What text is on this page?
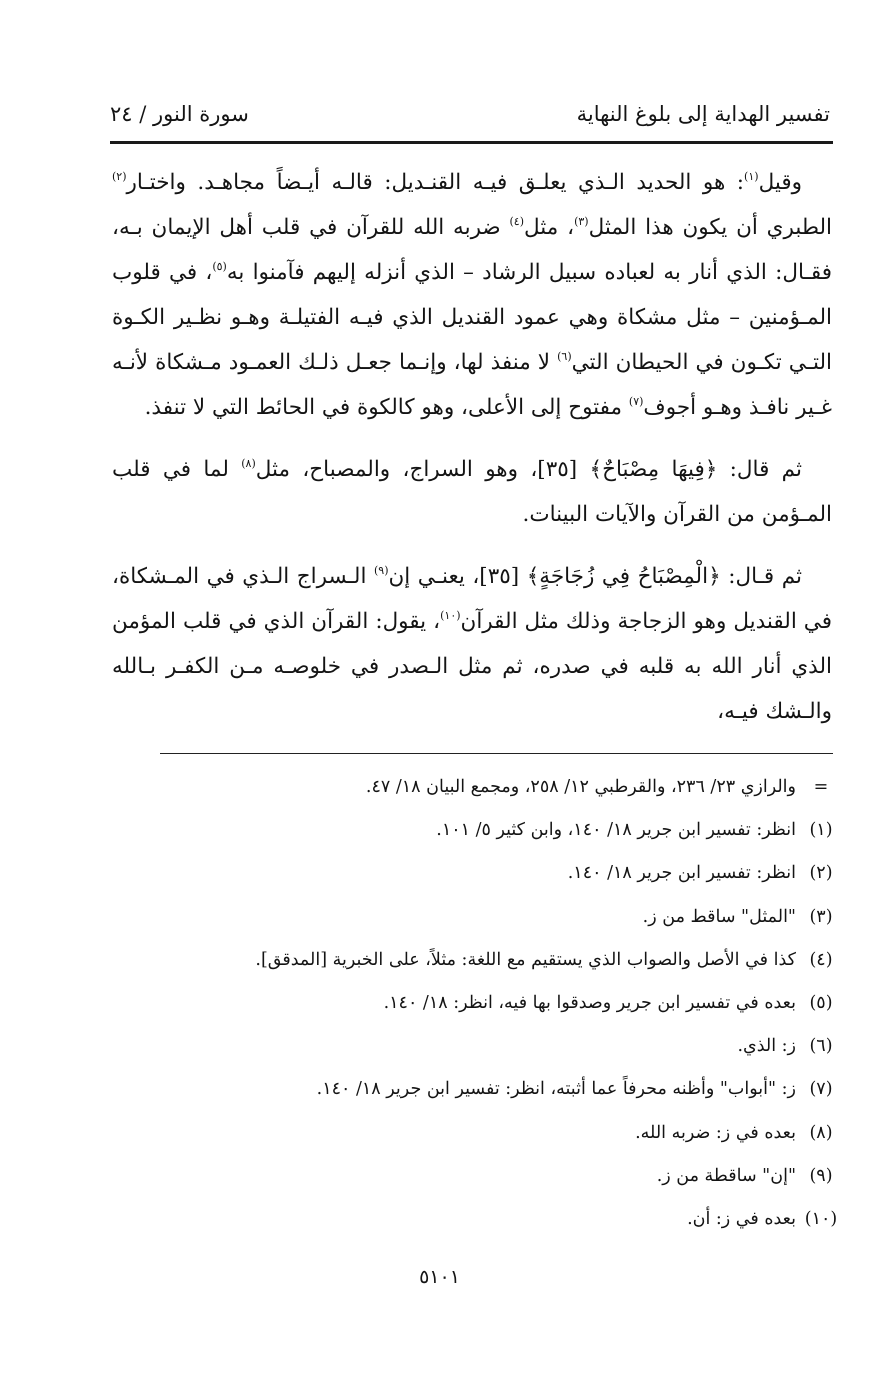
تفسير الهداية إلى بلوغ النهاية
سورة النور / ٢٤

وقيل$^{(١)}$: هو الحديد الـذي يعلـق فيـه القنـديل: قالـه أيـضاً مجاهـد. واختـار$^{(٢)}$ الطبري أن يكون هذا المثل$^{(٣)}$، مثل$^{(٤)}$ ضربه الله للقرآن في قلب أهل الإيمان بـه، فقـال: الذي أنار به لعباده سبيل الرشاد – الذي أنزله إليهم فآمنوا به$^{(٥)}$، في قلوب المـؤمنين – مثل مشكاة وهي عمود القنديل الذي فيـه الفتيلـة وهـو نظـير الكـوة التـي تكـون في الحيطان التي$^{(٦)}$ لا منفذ لها، وإنـما جعـل ذلـك العمـود مـشكاة لأنـه غـير نافـذ وهـو أجوف$^{(٧)}$ مفتوح إلى الأعلى، وهو كالكوة في الحائط التي لا تنفذ.

ثم قال: ﴿فِيهَا مِصْبَاحٌ﴾ [٣٥]، وهو السراج، والمصباح، مثل$^{(٨)}$ لما في قلب المـؤمن من القرآن والآيات البينات.

ثم قـال: ﴿الْمِصْبَاحُ فِي زُجَاجَةٍ﴾ [٣٥]، يعنـي إن$^{(٩)}$ الـسراج الـذي في المـشكاة، في القنديل وهو الزجاجة وذلك مثل القرآن$^{(١٠)}$، يقول: القرآن الذي في قلب المؤمن الذي أنار الله به قلبه في صدره، ثم مثل الـصدر في خلوصـه مـن الكفـر بـالله والـشك فيـه،

=والرازي ٢٣/ ٢٣٦، والقرطبي ١٢/ ٢٥٨، ومجمع البيان ١٨/ ٤٧.
(١)انظر: تفسير ابن جرير ١٨/ ١٤٠، وابن كثير ٥/ ١٠١.
(٢)انظر: تفسير ابن جرير ١٨/ ١٤٠.
(٣)"المثل" ساقط من ز.
(٤)كذا في الأصل والصواب الذي يستقيم مع اللغة: مثلاً، على الخبرية [المدقق].
(٥)بعده في تفسير ابن جرير وصدقوا بها فيه، انظر: ١٨/ ١٤٠.
(٦)ز: الذي.
(٧)ز: "أبواب" وأظنه محرفاً عما أثبته، انظر: تفسير ابن جرير ١٨/ ١٤٠.
(٨)بعده في ز: ضربه الله.
(٩)"إن" ساقطة من ز.
(١٠)بعده في ز: أن.
٥١٠١
